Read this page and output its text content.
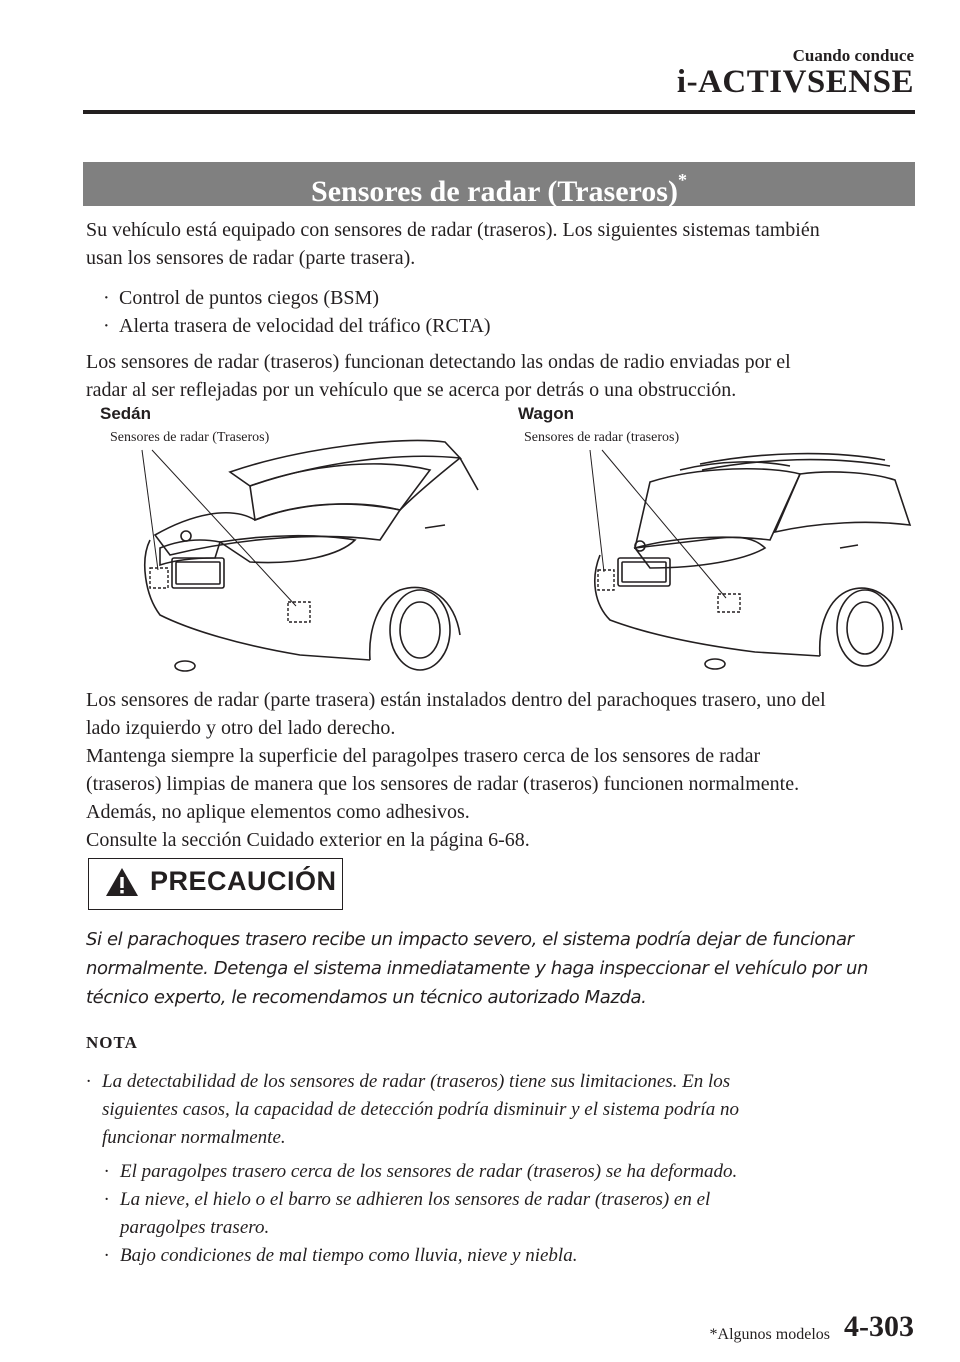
Cuando conduce
i-ACTIVSENSE
Sensores de radar (Traseros)*
Su vehículo está equipado con sensores de radar (traseros). Los siguientes sistemas también
usan los sensores de radar (parte trasera).
· Control de puntos ciegos (BSM)
· Alerta trasera de velocidad del tráfico (RCTA)
Los sensores de radar (traseros) funcionan detectando las ondas de radio enviadas por el
radar al ser reflejadas por un vehículo que se acerca por detrás o una obstrucción.
Sedán
Sensores de radar (Traseros)
Wagon
Sensores de radar (traseros)
Los sensores de radar (parte trasera) están instalados dentro del parachoques trasero, uno del
lado izquierdo y otro del lado derecho.
Mantenga siempre la superficie del paragolpes trasero cerca de los sensores de radar
(traseros) limpias de manera que los sensores de radar (traseros) funcionen normalmente.
Además, no aplique elementos como adhesivos.
Consulte la sección Cuidado exterior en la página 6-68.
PRECAUCIÓN
Si el parachoques trasero recibe un impacto severo, el sistema podría dejar de funcionar
normalmente. Detenga el sistema inmediatamente y haga inspeccionar el vehículo por un
técnico experto, le recomendamos un técnico autorizado Mazda.
NOTA
· La detectabilidad de los sensores de radar (traseros) tiene sus limitaciones. En los
siguientes casos, la capacidad de detección podría disminuir y el sistema podría no
funcionar normalmente.
· El paragolpes trasero cerca de los sensores de radar (traseros) se ha deformado.
· La nieve, el hielo o el barro se adhieren los sensores de radar (traseros) en el
paragolpes trasero.
· Bajo condiciones de mal tiempo como lluvia, nieve y niebla.
*Algunos modelos 4-303
